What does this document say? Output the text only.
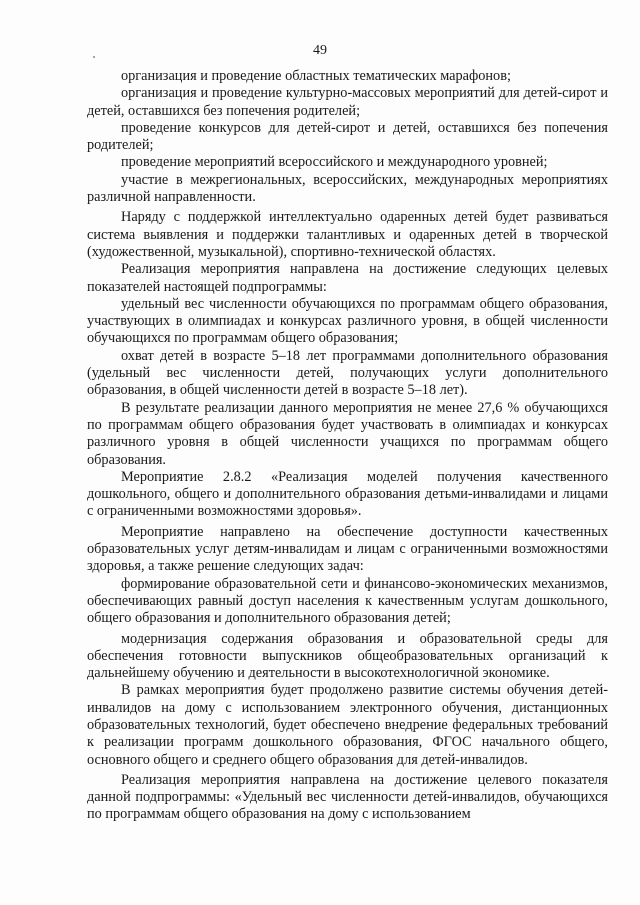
49

организация и проведение областных тематических марафонов;

организация и проведение культурно-массовых мероприятий для детей-сирот и детей, оставшихся без попечения родителей;

проведение конкурсов для детей-сирот и детей, оставшихся без попечения родителей;

проведение мероприятий всероссийского и международного уровней;

участие в межрегиональных, всероссийских, международных мероприятиях различной направленности.

Наряду с поддержкой интеллектуально одаренных детей будет развиваться система выявления и поддержки талантливых и одаренных детей в творческой (художественной, музыкальной), спортивно-технической областях.

Реализация мероприятия направлена на достижение следующих целевых показателей настоящей подпрограммы:

удельный вес численности обучающихся по программам общего образования, участвующих в олимпиадах и конкурсах различного уровня, в общей численности обучающихся по программам общего образования;

охват детей в возрасте 5–18 лет программами дополнительного образования (удельный вес численности детей, получающих услуги дополнительного образования, в общей численности детей в возрасте 5–18 лет).

В результате реализации данного мероприятия не менее 27,6 % обучающихся по программам общего образования будет участвовать в олимпиадах и конкурсах различного уровня в общей численности учащихся по программам общего образования.

Мероприятие 2.8.2 «Реализация моделей получения качественного дошкольного, общего и дополнительного образования детьми-инвалидами и лицами с ограниченными возможностями здоровья».

Мероприятие направлено на обеспечение доступности качественных образовательных услуг детям-инвалидам и лицам с ограниченными возможностями здоровья, а также решение следующих задач:

формирование образовательной сети и финансово-экономических механизмов, обеспечивающих равный доступ населения к качественным услугам дошкольного, общего образования и дополнительного образования детей;

модернизация содержания образования и образовательной среды для обеспечения готовности выпускников общеобразовательных организаций к дальнейшему обучению и деятельности в высокотехнологичной экономике.

В рамках мероприятия будет продолжено развитие системы обучения детей-инвалидов на дому с использованием электронного обучения, дистанционных образовательных технологий, будет обеспечено внедрение федеральных требований к реализации программ дошкольного образования, ФГОС начального общего, основного общего и среднего общего образования для детей-инвалидов.

Реализация мероприятия направлена на достижение целевого показателя данной подпрограммы: «Удельный вес численности детей-инвалидов, обучающихся по программам общего образования на дому с использованием
